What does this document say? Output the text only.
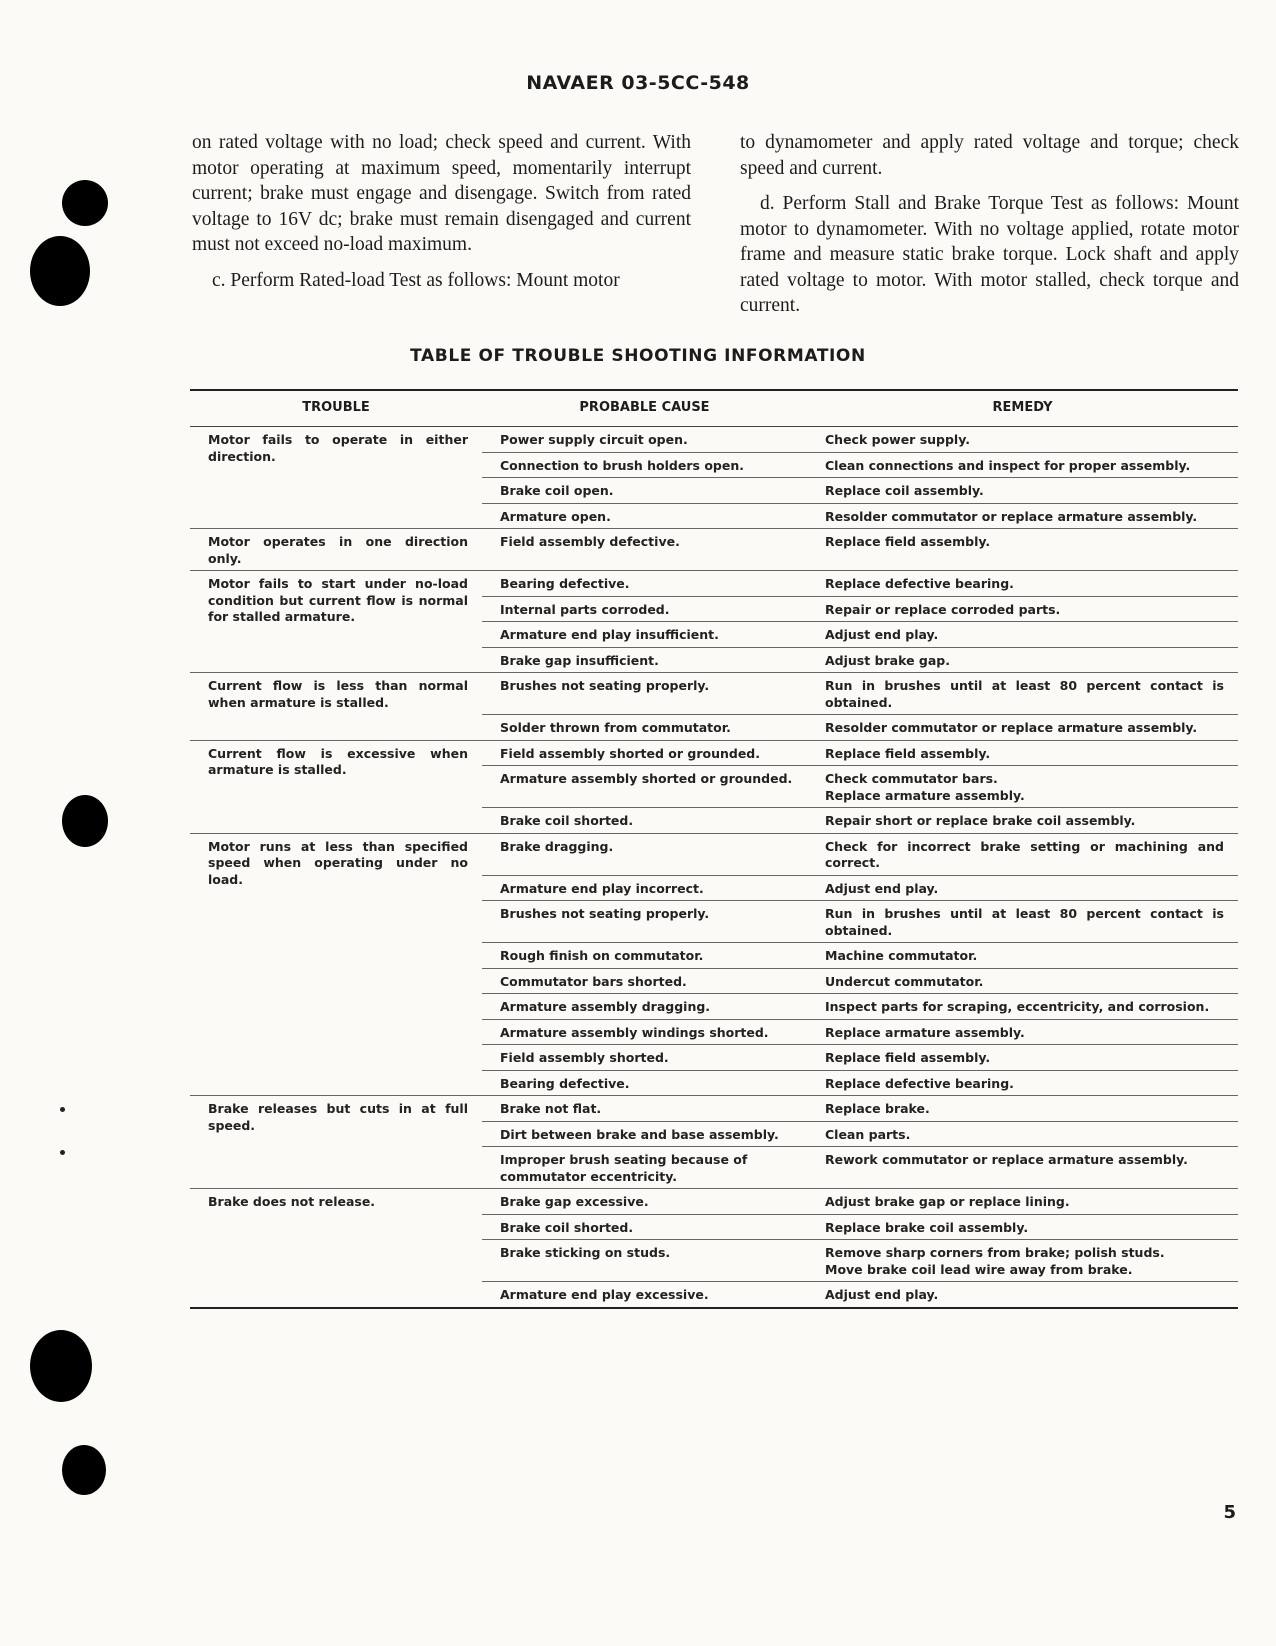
NAVAER 03-5CC-548

on rated voltage with no load; check speed and current. With motor operating at maximum speed, momentarily interrupt current; brake must engage and disengage. Switch from rated voltage to 16V dc; brake must remain disengaged and current must not exceed no-load maximum.

c. Perform Rated-load Test as follows: Mount motor

to dynamometer and apply rated voltage and torque; check speed and current.

d. Perform Stall and Brake Torque Test as follows: Mount motor to dynamometer. With no voltage applied, rotate motor frame and measure static brake torque. Lock shaft and apply rated voltage to motor. With motor stalled, check torque and current.

TABLE OF TROUBLE SHOOTING INFORMATION
TROUBLE	PROBABLE CAUSE	REMEDY
Motor fails to operate in either direction.	Power supply circuit open.	Check power supply.
	Connection to brush holders open.	Clean connections and inspect for proper assembly.
	Brake coil open.	Replace coil assembly.
	Armature open.	Resolder commutator or replace armature assembly.
Motor operates in one direction only.	Field assembly defective.	Replace field assembly.
Motor fails to start under no-load condition but current flow is normal for stalled armature.	Bearing defective.	Replace defective bearing.
	Internal parts corroded.	Repair or replace corroded parts.
	Armature end play insufficient.	Adjust end play.
	Brake gap insufficient.	Adjust brake gap.
Current flow is less than normal when armature is stalled.	Brushes not seating properly.	Run in brushes until at least 80 percent contact is obtained.
	Solder thrown from commutator.	Resolder commutator or replace armature assembly.
Current flow is excessive when armature is stalled.	Field assembly shorted or grounded.	Replace field assembly.
	Armature assembly shorted or grounded.	Check commutator bars.
Replace armature assembly.
	Brake coil shorted.	Repair short or replace brake coil assembly.
Motor runs at less than specified speed when operating under no load.	Brake dragging.	Check for incorrect brake setting or machining and correct.
	Armature end play incorrect.	Adjust end play.
	Brushes not seating properly.	Run in brushes until at least 80 percent contact is obtained.
	Rough finish on commutator.	Machine commutator.
	Commutator bars shorted.	Undercut commutator.
	Armature assembly dragging.	Inspect parts for scraping, eccentricity, and corrosion.
	Armature assembly windings shorted.	Replace armature assembly.
	Field assembly shorted.	Replace field assembly.
	Bearing defective.	Replace defective bearing.
Brake releases but cuts in at full speed.	Brake not flat.	Replace brake.
	Dirt between brake and base assembly.	Clean parts.
	Improper brush seating because of commutator eccentricity.	Rework commutator or replace armature assembly.
Brake does not release.	Brake gap excessive.	Adjust brake gap or replace lining.
	Brake coil shorted.	Replace brake coil assembly.
	Brake sticking on studs.	Remove sharp corners from brake; polish studs.
Move brake coil lead wire away from brake.
	Armature end play excessive.	Adjust end play.
5
